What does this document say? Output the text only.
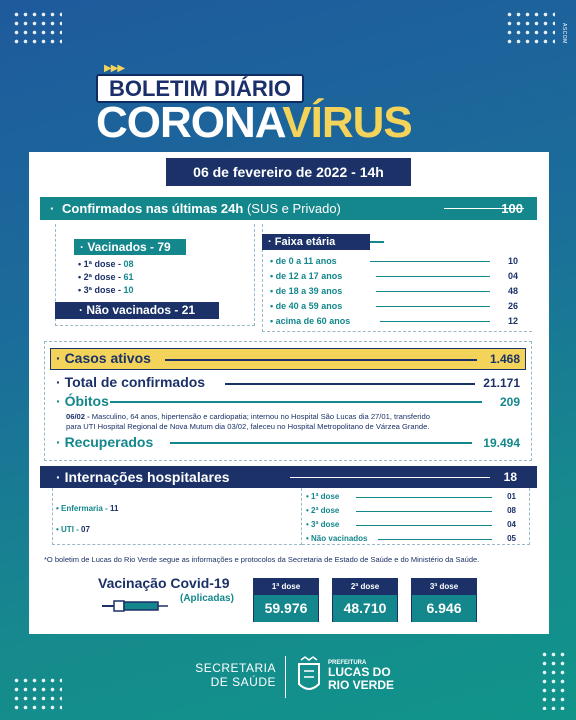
ASCOM
▶▶▶
BOLETIM DIÁRIO
CORONAVÍRUS
06 de fevereiro de 2022 - 14h
· Confirmados nas últimas 24h (SUS e Privado)	100
· Vacinados - 79
• 1ª dose - 08
• 2ª dose - 61
• 3ª dose - 10
· Não vacinados - 21
· Faixa etária
• de 0 a 11 anos	10
• de 12 a 17 anos	04
• de 18 a 39 anos	48
• de 40 a 59 anos	26
• acima de 60 anos	12
· Casos ativos	1.468
· Total de confirmados	21.171
· Óbitos	209
06/02 - Masculino, 64 anos, hipertensão e cardiopatia; internou no Hospital São Lucas dia 27/01, transferido
para UTI Hospital Regional de Nova Mutum dia 03/02, faleceu no Hospital Metropolitano de Várzea Grande.
· Recuperados	19.494
· Internações hospitalares	18
• Enfermaria - 11
• UTI - 07
• 1ª dose	01
• 2ª dose	08
• 3ª dose	04
• Não vacinados	05
*O boletim de Lucas do Rio Verde segue as informações e protocolos da Secretaria de Estado de Saúde e do Ministério da Saúde.
Vacinação Covid-19
(Aplicadas)
1ª dose
59.976
2ª dose
48.710
3ª dose
6.946
SECRETARIA
DE SAÚDE
PREFEITURA
LUCAS DO
RIO VERDE
